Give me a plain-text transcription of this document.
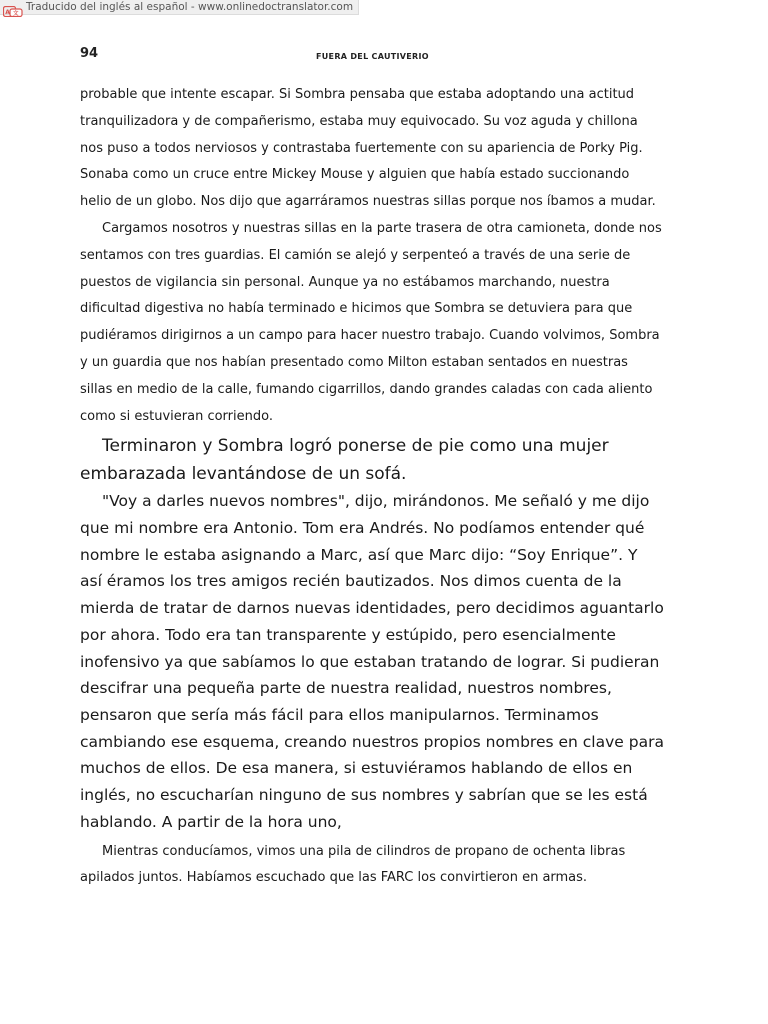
A 文
Traducido del inglés al español - www.onlinedoctranslator.com
94	FUERA DEL CAUTIVERIO

probable que intente escapar. Si Sombra pensaba que estaba adoptando una actitud tranquilizadora y de compañerismo, estaba muy equivocado. Su voz aguda y chillona nos puso a todos nerviosos y contrastaba fuertemente con su apariencia de Porky Pig. Sonaba como un cruce entre Mickey Mouse y alguien que había estado succionando helio de un globo. Nos dijo que agarráramos nuestras sillas porque nos íbamos a mudar.

Cargamos nosotros y nuestras sillas en la parte trasera de otra camioneta, donde nos sentamos con tres guardias. El camión se alejó y serpenteó a través de una serie de puestos de vigilancia sin personal. Aunque ya no estábamos marchando, nuestra dificultad digestiva no había terminado e hicimos que Sombra se detuviera para que pudiéramos dirigirnos a un campo para hacer nuestro trabajo. Cuando volvimos, Sombra y un guardia que nos habían presentado como Milton estaban sentados en nuestras sillas en medio de la calle, fumando cigarrillos, dando grandes caladas con cada aliento como si estuvieran corriendo.

Terminaron y Sombra logró ponerse de pie como una mujer embarazada levantándose de un sofá.

"Voy a darles nuevos nombres", dijo, mirándonos. Me señaló y me dijo que mi nombre era Antonio. Tom era Andrés. No podíamos entender qué nombre le estaba asignando a Marc, así que Marc dijo: “Soy Enrique”. Y así éramos los tres amigos recién bautizados. Nos dimos cuenta de la mierda de tratar de darnos nuevas identidades, pero decidimos aguantarlo por ahora. Todo era tan transparente y estúpido, pero esencialmente inofensivo ya que sabíamos lo que estaban tratando de lograr. Si pudieran descifrar una pequeña parte de nuestra realidad, nuestros nombres, pensaron que sería más fácil para ellos manipularnos. Terminamos cambiando ese esquema, creando nuestros propios nombres en clave para muchos de ellos. De esa manera, si estuviéramos hablando de ellos en inglés, no escucharían ninguno de sus nombres y sabrían que se les está hablando. A partir de la hora uno,

Mientras conducíamos, vimos una pila de cilindros de propano de ochenta libras apilados juntos. Habíamos escuchado que las FARC los convirtieron en armas.
